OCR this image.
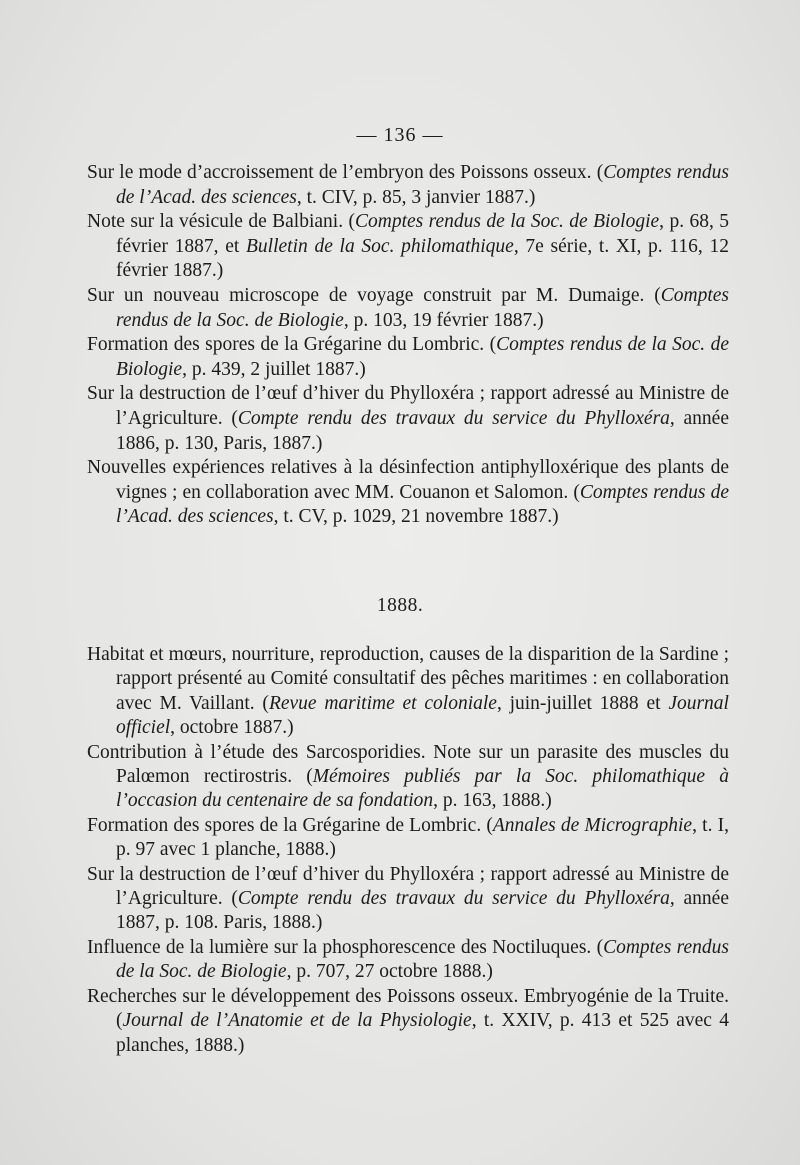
— 136 —

Sur le mode d’accroissement de l’embryon des Poissons osseux. (Comptes rendus de l’Acad. des sciences, t. CIV, p. 85, 3 janvier 1887.)

Note sur la vésicule de Balbiani. (Comptes rendus de la Soc. de Biologie, p. 68, 5 février 1887, et Bulletin de la Soc. philomathique, 7e série, t. XI, p. 116, 12 février 1887.)

Sur un nouveau microscope de voyage construit par M. Dumaige. (Comptes rendus de la Soc. de Biologie, p. 103, 19 février 1887.)

Formation des spores de la Grégarine du Lombric. (Comptes rendus de la Soc. de Biologie, p. 439, 2 juillet 1887.)

Sur la destruction de l’œuf d’hiver du Phylloxéra ; rapport adressé au Ministre de l’Agriculture. (Compte rendu des travaux du service du Phylloxéra, année 1886, p. 130, Paris, 1887.)

Nouvelles expériences relatives à la désinfection antiphylloxérique des plants de vignes ; en collaboration avec MM. Couanon et Salomon. (Comptes rendus de l’Acad. des sciences, t. CV, p. 1029, 21 novembre 1887.)

1888.

Habitat et mœurs, nourriture, reproduction, causes de la disparition de la Sardine ; rapport présenté au Comité consultatif des pêches maritimes : en collaboration avec M. Vaillant. (Revue maritime et coloniale, juin-juillet 1888 et Journal officiel, octobre 1887.)

Contribution à l’étude des Sarcosporidies. Note sur un parasite des muscles du Palœmon rectirostris. (Mémoires publiés par la Soc. philomathique à l’occasion du centenaire de sa fondation, p. 163, 1888.)

Formation des spores de la Grégarine de Lombric. (Annales de Micrographie, t. I, p. 97 avec 1 planche, 1888.)

Sur la destruction de l’œuf d’hiver du Phylloxéra ; rapport adressé au Ministre de l’Agriculture. (Compte rendu des travaux du service du Phylloxéra, année 1887, p. 108. Paris, 1888.)

Influence de la lumière sur la phosphorescence des Noctiluques. (Comptes rendus de la Soc. de Biologie, p. 707, 27 octobre 1888.)

Recherches sur le développement des Poissons osseux. Embryogénie de la Truite. (Journal de l’Anatomie et de la Physiologie, t. XXIV, p. 413 et 525 avec 4 planches, 1888.)
